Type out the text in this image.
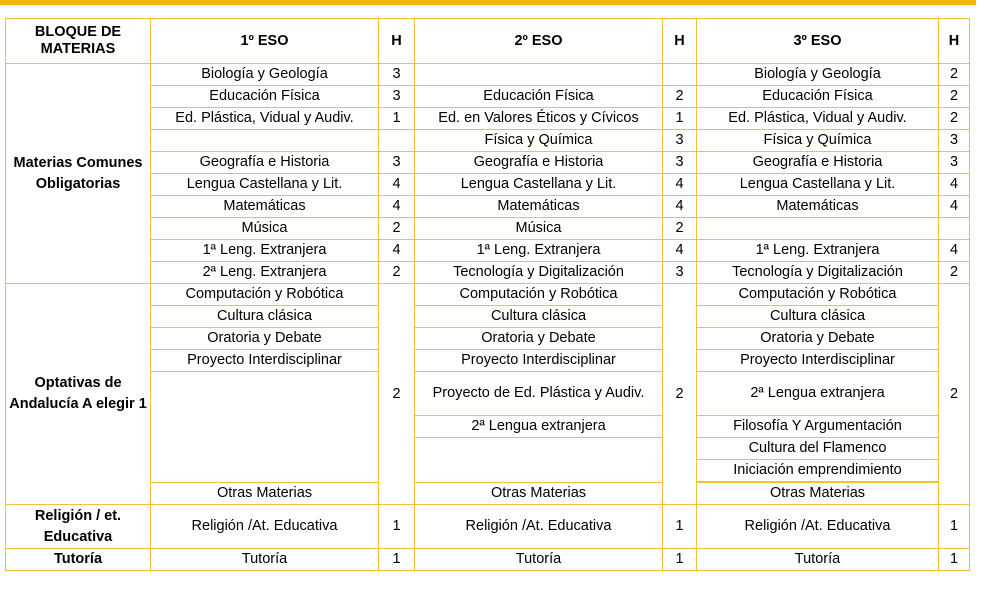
BLOQUE DE MATERIAS	1º ESO	H	2º ESO	H	3º ESO	H
Materias Comunes Obligatorias	Biología y Geología	3			Biología y Geología	2
	Educación Física	3	Educación Física	2	Educación Física	2
	Ed. Plástica, Vidual y Audiv.	1	Ed. en Valores Éticos y Cívicos	1	Ed. Plástica, Vidual y Audiv.	2
			Física y Química	3	Física y Química	3
	Geografía e Historia	3	Geografía e Historia	3	Geografía e Historia	3
	Lengua Castellana y Lit.	4	Lengua Castellana y Lit.	4	Lengua Castellana y Lit.	4
	Matemáticas	4	Matemáticas	4	Matemáticas	4
	Música	2	Música	2		
	1ª Leng. Extranjera	4	1ª Leng. Extranjera	4	1ª Leng. Extranjera	4
	2ª Leng. Extranjera	2	Tecnología y Digitalización	3	Tecnología y Digitalización	2
Optativas de Andalucía A elegir 1	Computación y Robótica	2	Computación y Robótica	2	Computación y Robótica	2
	Cultura clásica		Cultura clásica		Cultura clásica	
	Oratoria y Debate		Oratoria y Debate		Oratoria y Debate	
	Proyecto Interdisciplinar		Proyecto Interdisciplinar		Proyecto Interdisciplinar	
			Proyecto de Ed. Plástica y Audiv.		2ª Lengua extranjera	
			2ª Lengua extranjera		Filosofía Y Argumentación	
					Cultura del Flamenco	
					Iniciación emprendimiento	

	Otras Materias		Otras Materias		Otras Materias	
Religión / et. Educativa	Religión /At. Educativa	1	Religión /At. Educativa	1	Religión /At. Educativa	1
Tutoría	Tutoría	1	Tutoría	1	Tutoría	1
